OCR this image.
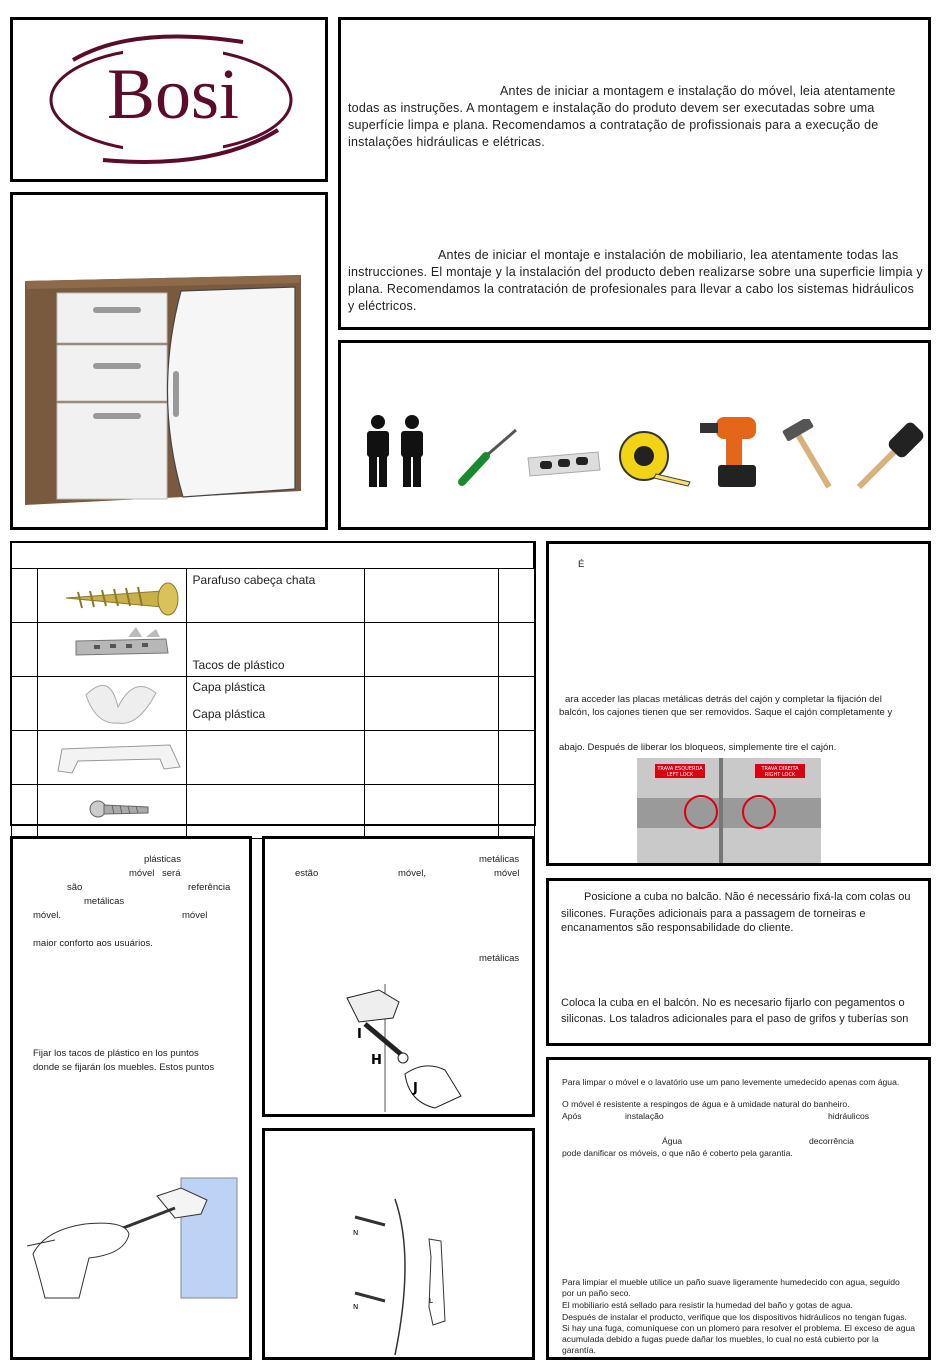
Bosi	Antes de iniciar a montagem e instalação do móvel, leia atentamente todas as instruções. A montagem e instalação do produto devem ser executadas sobre uma superfície limpa e plana. Recomendamos a contratação de profissionais para a execução de instalações hidráulicas e elétricas.
Antes de iniciar el montaje e instalación de mobiliario, lea atentamente todas las instrucciones. El montaje y la instalación del producto deben realizarse sobre una superficie limpia y plana. Recomendamos la contratación de profesionales para llevar a cabo los sistemas hidráulicos y eléctricos.

		Parafuso cabeça chata		

Tacos de plástico		

Capa plástica
Capa plástica		

É
ara acceder las placas metálicas detrás del cajón y completar la fijación del
balcón, los cajones tienen que ser removidos. Saque el cajón completamente y
abajo. Después de liberar los bloqueos, simplemente tire el cajón.
TRAVA ESQUERDA
LEFT LOCK
TRAVA DIREITA
RIGHT LOCK
Posicione a cuba no balcão. Não é necessário fixá-la com colas ou
silicones. Furações adicionais para a passagem de torneiras e
encanamentos são responsabilidade do cliente.
Coloca la cuba en el balcón. No es necesario fijarlo con pegamentos o
siliconas. Los taladros adicionales para el paso de grifos y tuberías son
plásticas
móvel será
são	referência
metálicas
móvel.	móvel
maior conforto aos usuários.
Fijar los tacos de plástico en los puntos
donde se fijarán los muebles. Estos puntos
metálicas
estão	móvel,	móvel
metálicas
I
H
J
N
N
L
Para limpar o móvel e o lavatório use um pano levemente umedecido apenas com água.
O móvel é resistente a respingos de água e à umidade natural do banheiro.
Após	instalação	hidráulicos
Água	decorrência
pode danificar os móveis, o que não é coberto pela garantia.
Para limpiar el mueble utilice un paño suave ligeramente humedecido con agua, seguido
por un paño seco.
El mobiliario está sellado para resistir la humedad del baño y gotas de agua.
Después de instalar el producto, verifique que los dispositivos hidráulicos no tengan fugas.
Si hay una fuga, comuníquese con un plomero para resolver el problema. El exceso de agua
acumulada debido a fugas puede dañar los muebles, lo cual no está cubierto por la
garantía.
